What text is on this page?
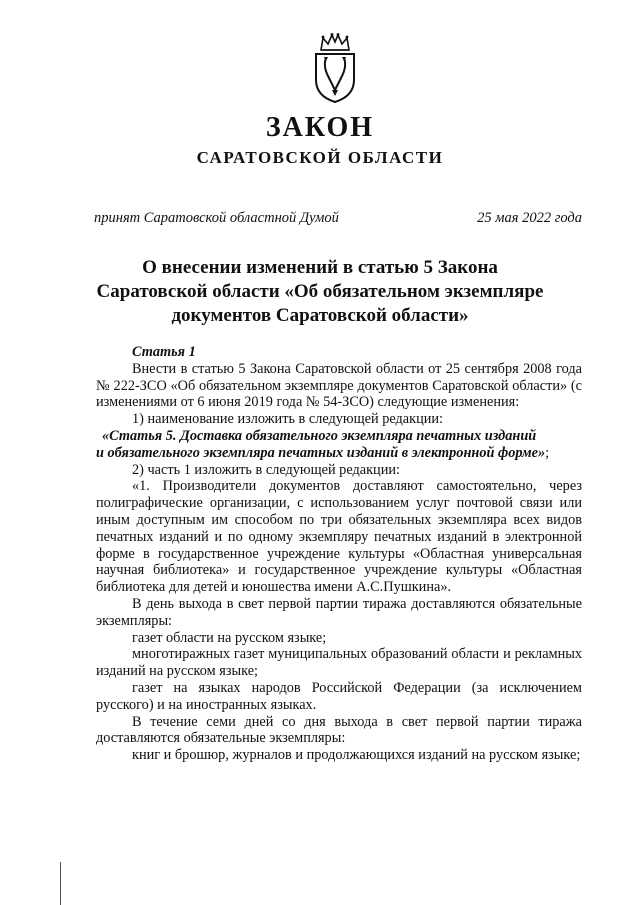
ЗАКОН
САРАТОВСКОЙ ОБЛАСТИ
принят Саратовской областной Думой	25 мая 2022 года
О внесении изменений в статью 5 Закона
Саратовской области «Об обязательном экземпляре
документов Саратовской области»

Статья 1

Внести в статью 5 Закона Саратовской области от 25 сентября 2008 года № 222-ЗСО «Об обязательном экземпляре документов Саратовской области» (с изменениями от 6 июня 2019 года № 54-ЗСО) следующие изменения:

1) наименование изложить в следующей редакции:

«Статья 5. Доставка обязательного экземпляра печатных изданий

и обязательного экземпляра печатных изданий в электронной форме»;

2) часть 1 изложить в следующей редакции:

«1. Производители документов доставляют самостоятельно, через полиграфические организации, с использованием услуг почтовой связи или иным доступным им способом по три обязательных экземпляра всех видов печатных изданий и по одному экземпляру печатных изданий в электронной форме в государственное учреждение культуры «Областная универсальная научная библиотека» и государственное учреждение культуры «Областная библиотека для детей и юношества имени А.С.Пушкина».

В день выхода в свет первой партии тиража доставляются обязательные экземпляры:

газет области на русском языке;

многотиражных газет муниципальных образований области и рекламных изданий на русском языке;

газет на языках народов Российской Федерации (за исключением русского) и на иностранных языках.

В течение семи дней со дня выхода в свет первой партии тиража доставляются обязательные экземпляры:

книг и брошюр, журналов и продолжающихся изданий на русском языке;
